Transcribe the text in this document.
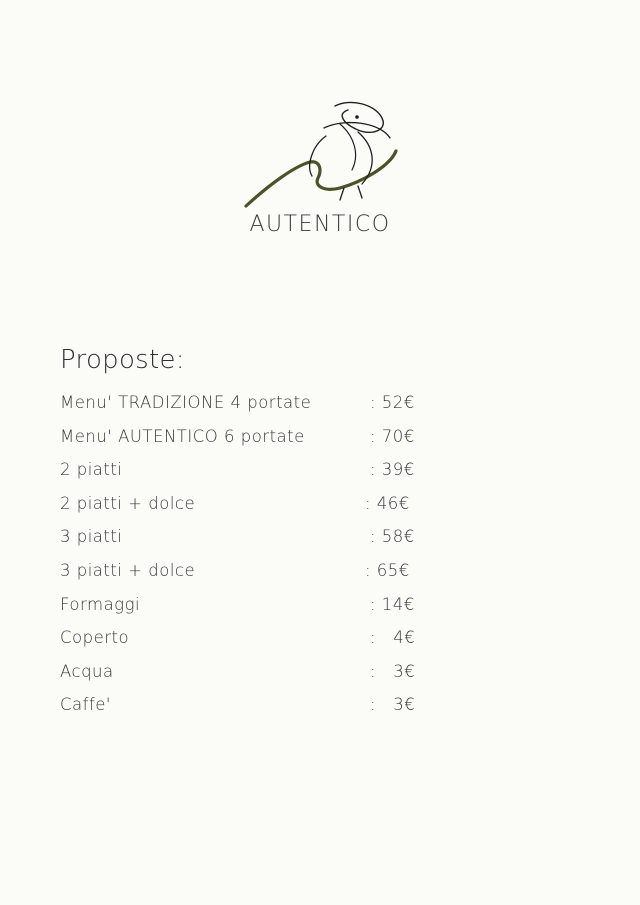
AUTENTICO
Proposte:
Menu' TRADIZIONE 4 portate	: 52€
Menu' AUTENTICO 6 portate	: 70€
2 piatti	: 39€
2 piatti + dolce	: 46€
3 piatti	: 58€
3 piatti + dolce	: 65€
Formaggi	: 14€
Coperto	:   4€
Acqua	:   3€
Caffe'	:   3€
